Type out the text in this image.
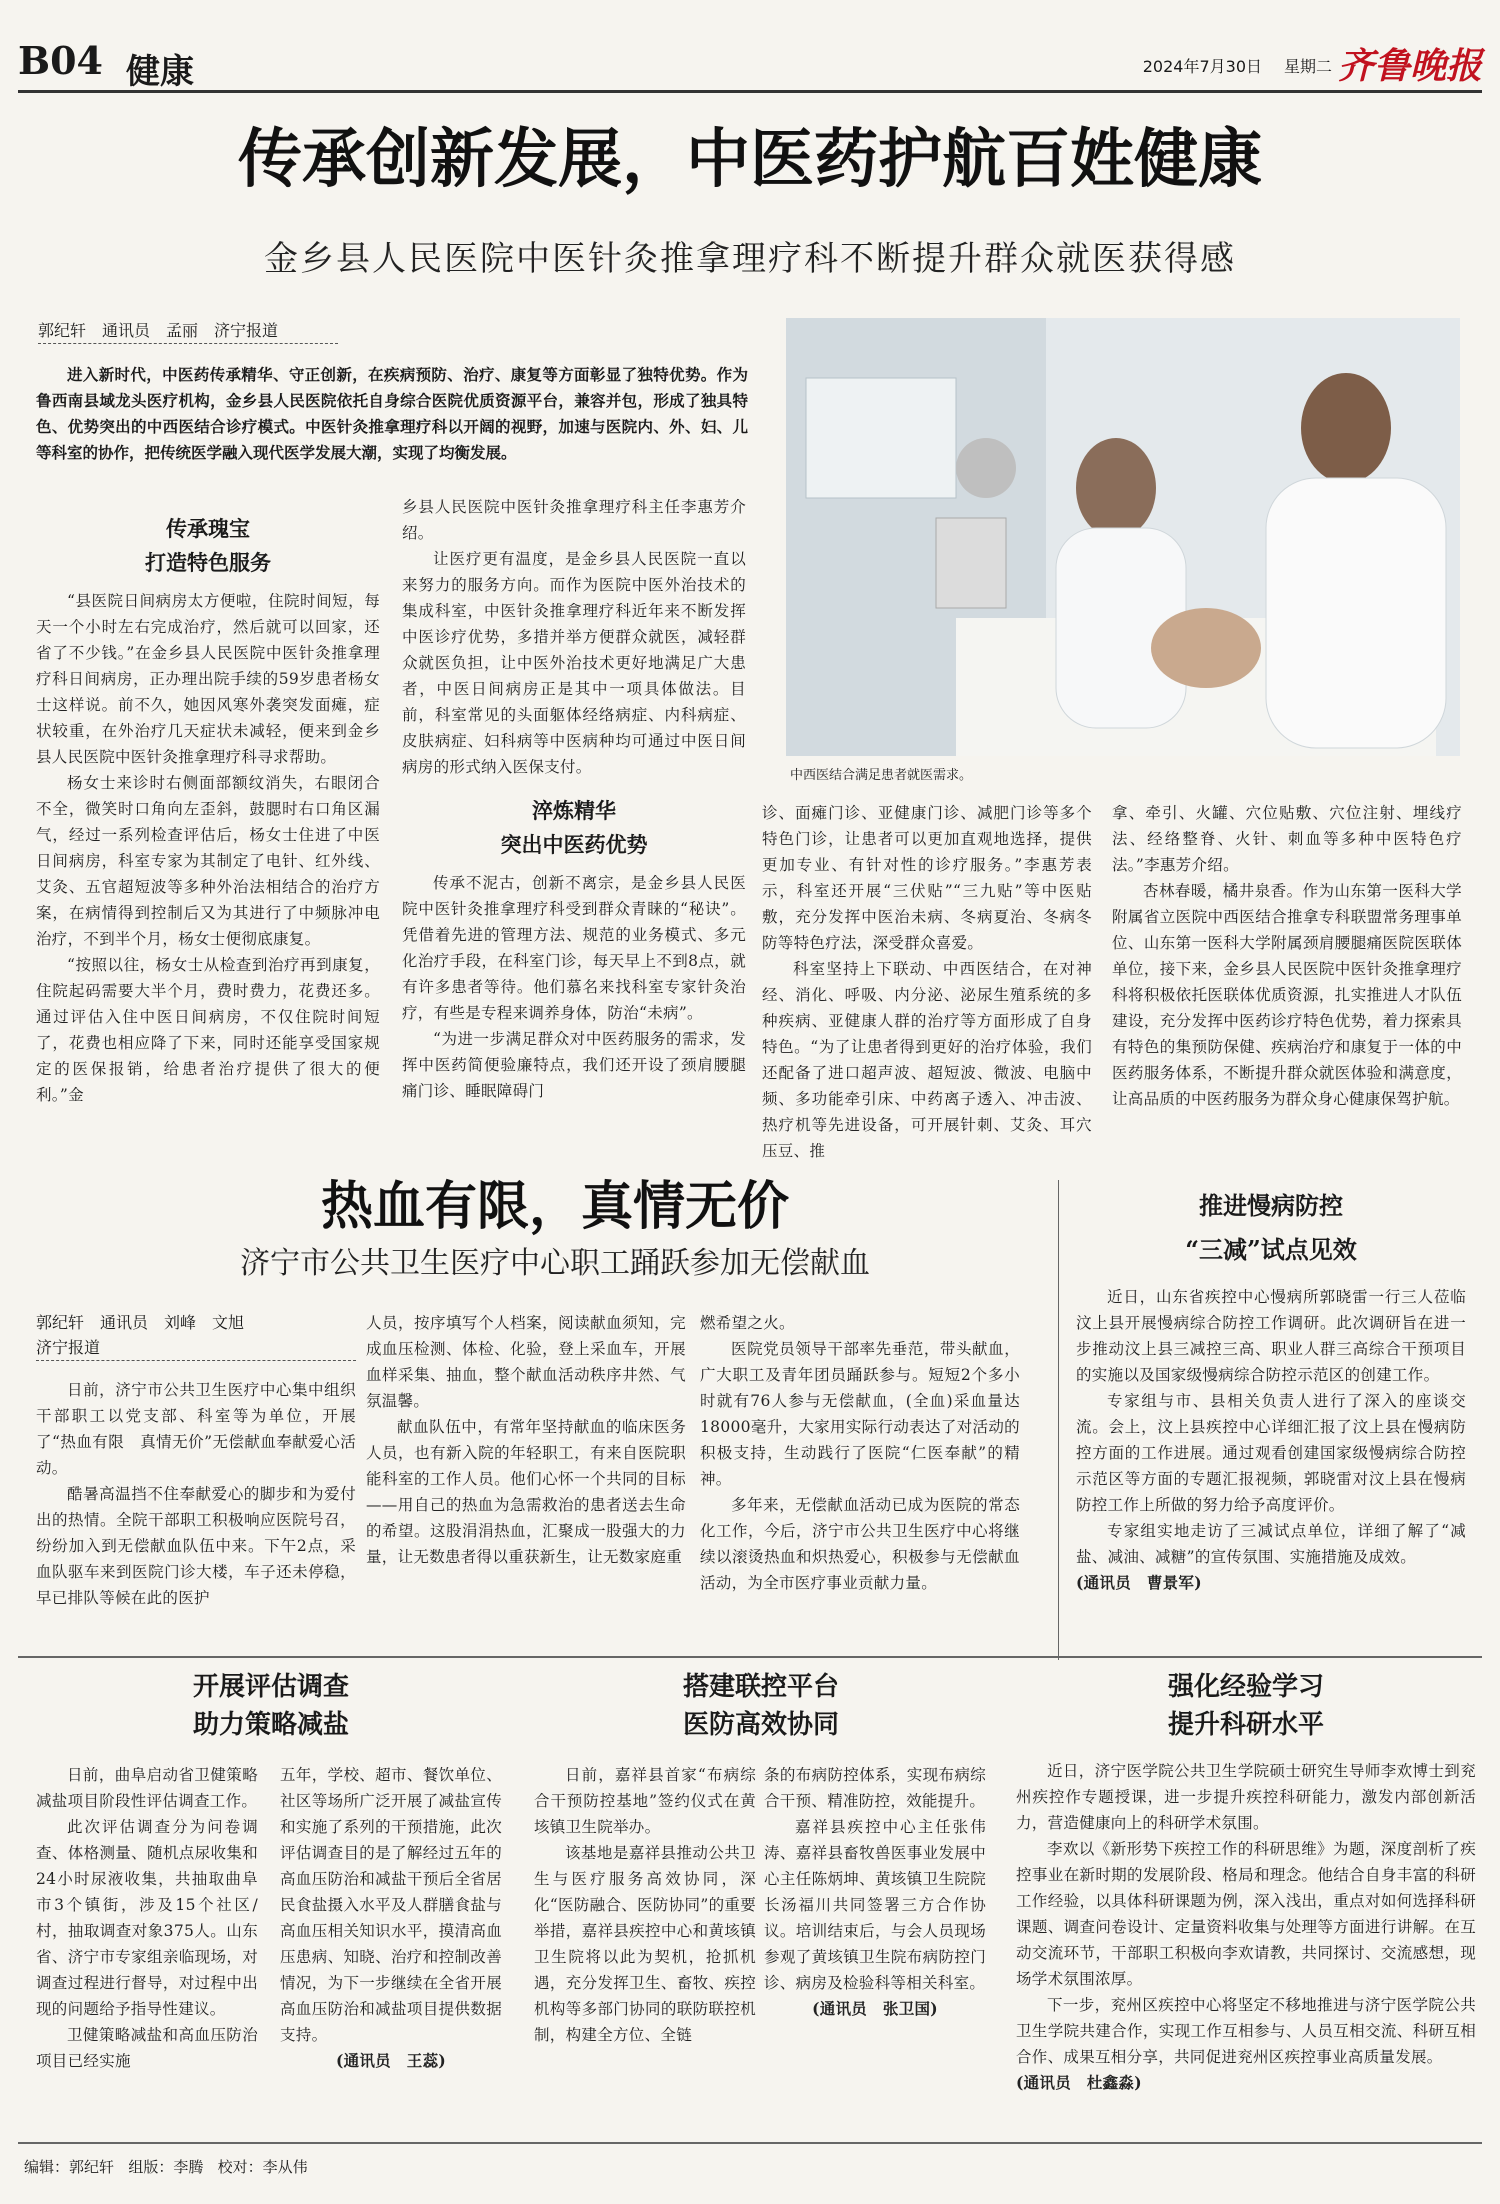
B04 健康	2024年7月30日 星期二 齐鲁晚报
传承创新发展，中医药护航百姓健康
金乡县人民医院中医针灸推拿理疗科不断提升群众就医获得感
郭纪轩　通讯员　孟丽　济宁报道
进入新时代，中医药传承精华、守正创新，在疾病预防、治疗、康复等方面彰显了独特优势。作为鲁西南县域龙头医疗机构，金乡县人民医院依托自身综合医院优质资源平台，兼容并包，形成了独具特色、优势突出的中西医结合诊疗模式。中医针灸推拿理疗科以开阔的视野，加速与医院内、外、妇、儿等科室的协作，把传统医学融入现代医学发展大潮，实现了均衡发展。
中西医结合满足患者就医需求。
传承瑰宝
打造特色服务

“县医院日间病房太方便啦，住院时间短，每天一个小时左右完成治疗，然后就可以回家，还省了不少钱。”在金乡县人民医院中医针灸推拿理疗科日间病房，正办理出院手续的59岁患者杨女士这样说。前不久，她因风寒外袭突发面瘫，症状较重，在外治疗几天症状未减轻，便来到金乡县人民医院中医针灸推拿理疗科寻求帮助。

杨女士来诊时右侧面部额纹消失，右眼闭合不全，微笑时口角向左歪斜，鼓腮时右口角区漏气，经过一系列检查评估后，杨女士住进了中医日间病房，科室专家为其制定了电针、红外线、艾灸、五官超短波等多种外治法相结合的治疗方案，在病情得到控制后又为其进行了中频脉冲电治疗，不到半个月，杨女士便彻底康复。

“按照以往，杨女士从检查到治疗再到康复，住院起码需要大半个月，费时费力，花费还多。通过评估入住中医日间病房，不仅住院时间短了，花费也相应降了下来，同时还能享受国家规定的医保报销，给患者治疗提供了很大的便利。”金

乡县人民医院中医针灸推拿理疗科主任李惠芳介绍。

让医疗更有温度，是金乡县人民医院一直以来努力的服务方向。而作为医院中医外治技术的集成科室，中医针灸推拿理疗科近年来不断发挥中医诊疗优势，多措并举方便群众就医，减轻群众就医负担，让中医外治技术更好地满足广大患者，中医日间病房正是其中一项具体做法。目前，科室常见的头面躯体经络病症、内科病症、皮肤病症、妇科病等中医病种均可通过中医日间病房的形式纳入医保支付。

淬炼精华
突出中医药优势

传承不泥古，创新不离宗，是金乡县人民医院中医针灸推拿理疗科受到群众青睐的“秘诀”。凭借着先进的管理方法、规范的业务模式、多元化治疗手段，在科室门诊，每天早上不到8点，就有许多患者等待。他们慕名来找科室专家针灸治疗，有些是专程来调养身体，防治“未病”。

“为进一步满足群众对中医药服务的需求，发挥中医药简便验廉特点，我们还开设了颈肩腰腿痛门诊、睡眠障碍门

诊、面瘫门诊、亚健康门诊、减肥门诊等多个特色门诊，让患者可以更加直观地选择，提供更加专业、有针对性的诊疗服务。”李惠芳表示，科室还开展“三伏贴”“三九贴”等中医贴敷，充分发挥中医治未病、冬病夏治、冬病冬防等特色疗法，深受群众喜爱。

科室坚持上下联动、中西医结合，在对神经、消化、呼吸、内分泌、泌尿生殖系统的多种疾病、亚健康人群的治疗等方面形成了自身特色。“为了让患者得到更好的治疗体验，我们还配备了进口超声波、超短波、微波、电脑中频、多功能牵引床、中药离子透入、冲击波、热疗机等先进设备，可开展针刺、艾灸、耳穴压豆、推

拿、牵引、火罐、穴位贴敷、穴位注射、埋线疗法、经络整脊、火针、刺血等多种中医特色疗法。”李惠芳介绍。

杏林春暖，橘井泉香。作为山东第一医科大学附属省立医院中西医结合推拿专科联盟常务理事单位、山东第一医科大学附属颈肩腰腿痛医院医联体单位，接下来，金乡县人民医院中医针灸推拿理疗科将积极依托医联体优质资源，扎实推进人才队伍建设，充分发挥中医药诊疗特色优势，着力探索具有特色的集预防保健、疾病治疗和康复于一体的中医药服务体系，不断提升群众就医体验和满意度，让高品质的中医药服务为群众身心健康保驾护航。

热血有限，真情无价
济宁市公共卫生医疗中心职工踊跃参加无偿献血
郭纪轩　通讯员　刘峰　文旭
济宁报道

日前，济宁市公共卫生医疗中心集中组织干部职工以党支部、科室等为单位，开展了“热血有限　真情无价”无偿献血奉献爱心活动。

酷暑高温挡不住奉献爱心的脚步和为爱付出的热情。全院干部职工积极响应医院号召，纷纷加入到无偿献血队伍中来。下午2点，采血队驱车来到医院门诊大楼，车子还未停稳，早已排队等候在此的医护

人员，按序填写个人档案，阅读献血须知，完成血压检测、体检、化验，登上采血车，开展血样采集、抽血，整个献血活动秩序井然、气氛温馨。

献血队伍中，有常年坚持献血的临床医务人员，也有新入院的年轻职工，有来自医院职能科室的工作人员。他们心怀一个共同的目标——用自己的热血为急需救治的患者送去生命的希望。这股涓涓热血，汇聚成一股强大的力量，让无数患者得以重获新生，让无数家庭重

燃希望之火。

医院党员领导干部率先垂范，带头献血，广大职工及青年团员踊跃参与。短短2个多小时就有76人参与无偿献血，(全血)采血量达18000毫升，大家用实际行动表达了对活动的积极支持，生动践行了医院“仁医奉献”的精神。

多年来，无偿献血活动已成为医院的常态化工作，今后，济宁市公共卫生医疗中心将继续以滚烫热血和炽热爱心，积极参与无偿献血活动，为全市医疗事业贡献力量。

推进慢病防控
“三减”试点见效

近日，山东省疾控中心慢病所郭晓雷一行三人莅临汶上县开展慢病综合防控工作调研。此次调研旨在进一步推动汶上县三减控三高、职业人群三高综合干预项目的实施以及国家级慢病综合防控示范区的创建工作。

专家组与市、县相关负责人进行了深入的座谈交流。会上，汶上县疾控中心详细汇报了汶上县在慢病防控方面的工作进展。通过观看创建国家级慢病综合防控示范区等方面的专题汇报视频，郭晓雷对汶上县在慢病防控工作上所做的努力给予高度评价。

专家组实地走访了三减试点单位，详细了解了“减盐、减油、减糖”的宣传氛围、实施措施及成效。

(通讯员　曹景军)
开展评估调查
助力策略减盐

日前，曲阜启动省卫健策略减盐项目阶段性评估调查工作。

此次评估调查分为问卷调查、体格测量、随机点尿收集和24小时尿液收集，共抽取曲阜市3个镇街，涉及15个社区/村，抽取调查对象375人。山东省、济宁市专家组亲临现场，对调查过程进行督导，对过程中出现的问题给予指导性建议。

卫健策略减盐和高血压防治项目已经实施

五年，学校、超市、餐饮单位、社区等场所广泛开展了减盐宣传和实施了系列的干预措施，此次评估调查目的是了解经过五年的高血压防治和减盐干预后全省居民食盐摄入水平及人群膳食盐与高血压相关知识水平，摸清高血压患病、知晓、治疗和控制改善情况，为下一步继续在全省开展高血压防治和减盐项目提供数据支持。

(通讯员　王蕊)
搭建联控平台
医防高效协同

日前，嘉祥县首家“布病综合干预防控基地”签约仪式在黄垓镇卫生院举办。

该基地是嘉祥县推动公共卫生与医疗服务高效协同，深化“医防融合、医防协同”的重要举措，嘉祥县疾控中心和黄垓镇卫生院将以此为契机，抢抓机遇，充分发挥卫生、畜牧、疾控机构等多部门协同的联防联控机制，构建全方位、全链

条的布病防控体系，实现布病综合干预、精准防控，效能提升。

嘉祥县疾控中心主任张伟涛、嘉祥县畜牧兽医事业发展中心主任陈炳坤、黄垓镇卫生院院长汤福川共同签署三方合作协议。培训结束后，与会人员现场参观了黄垓镇卫生院布病防控门诊、病房及检验科等相关科室。

(通讯员　张卫国)
强化经验学习
提升科研水平

近日，济宁医学院公共卫生学院硕士研究生导师李欢博士到兖州疾控作专题授课，进一步提升疾控科研能力，激发内部创新活力，营造健康向上的科研学术氛围。

李欢以《新形势下疾控工作的科研思维》为题，深度剖析了疾控事业在新时期的发展阶段、格局和理念。他结合自身丰富的科研工作经验，以具体科研课题为例，深入浅出，重点对如何选择科研课题、调查问卷设计、定量资料收集与处理等方面进行讲解。在互动交流环节，干部职工积极向李欢请教，共同探讨、交流感想，现场学术氛围浓厚。

下一步，兖州区疾控中心将坚定不移地推进与济宁医学院公共卫生学院共建合作，实现工作互相参与、人员互相交流、科研互相合作、成果互相分享，共同促进兖州区疾控事业高质量发展。

(通讯员　杜鑫淼)
编辑：郭纪轩 组版：李腾 校对：李从伟
